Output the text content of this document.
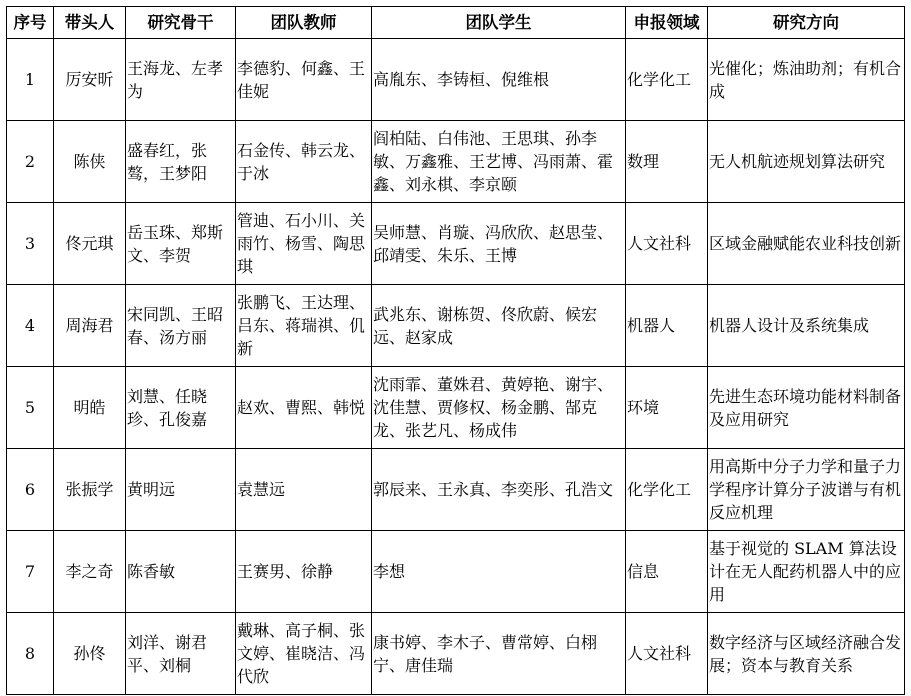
序号	带头人	研究骨干	团队教师	团队学生	申报领域	研究方向
1	厉安昕	王海龙、左孝为	李德豹、何鑫、王佳妮	高胤东、李铸桓、倪维根	化学化工	光催化；炼油助剂；有机合成
2	陈侠	盛春红，张骜，王梦阳	石金传、韩云龙、于冰	阎柏陆、白伟池、王思琪、孙李敏、万鑫雅、王艺博、冯雨萧、霍鑫、刘永棋、李京颐	数理	无人机航迹规划算法研究
3	佟元琪	岳玉珠、郑斯文、李贺	管迪、石小川、关雨竹、杨雪、陶思琪	吴师慧、肖璇、冯欣欣、赵思莹、邱靖雯、朱乐、王博	人文社科	区域金融赋能农业科技创新
4	周海君	宋同凯、王昭春、汤方丽	张鹏飞、王达理、吕东、蒋瑞祺、仉新	武兆东、谢栋贺、佟欣蔚、候宏远、赵家成	机器人	机器人设计及系统集成
5	明皓	刘慧、任晓珍、孔俊嘉	赵欢、曹熙、韩悦	沈雨霏、董姝君、黄婷艳、谢宇、沈佳慧、贾修权、杨金鹏、郜克龙、张艺凡、杨成伟	环境	先进生态环境功能材料制备及应用研究
6	张振学	黄明远	袁慧远	郭辰来、王永真、李奕彤、孔浩文	化学化工	用高斯中分子力学和量子力学程序计算分子波谱与有机反应机理
7	李之奇	陈香敏	王赛男、徐静	李想	信息	基于视觉的 SLAM 算法设计在无人配药机器人中的应用
8	孙佟	刘洋、谢君平、刘桐	戴琳、高子桐、张文婷、崔晓洁、冯代欣	康书婷、李木子、曹常婷、白栩宁、唐佳瑞	人文社科	数字经济与区域经济融合发展；资本与教育关系
